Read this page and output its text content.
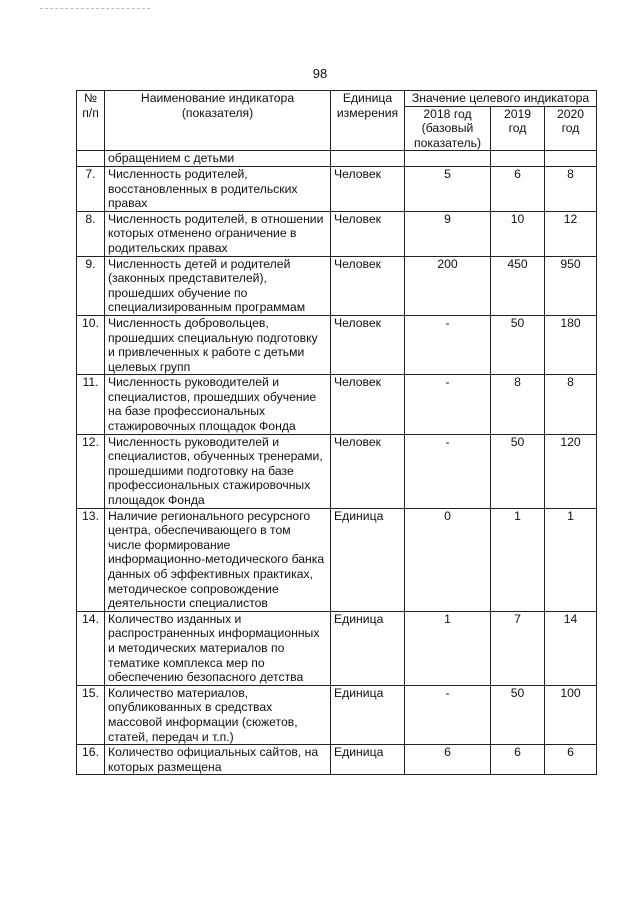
98
№ п/п	Наименование индикатора (показателя)	Единица измерения	Значение целевого индикатора		
			2018 год (базовый показатель)	2019 год	2020 год
	обращением с детьми				
7.	Численность родителей, восстановленных в родительских правах	Человек	5	6	8
8.	Численность родителей, в отношении которых отменено ограничение в родительских правах	Человек	9	10	12
9.	Численность детей и родителей (законных представителей), прошедших обучение по специализированным программам	Человек	200	450	950
10.	Численность добровольцев, прошедших специальную подготовку и привлеченных к работе с детьми целевых групп	Человек	-	50	180
11.	Численность руководителей и специалистов, прошедших обучение на базе профессиональных стажировочных площадок Фонда	Человек	-	8	8
12.	Численность руководителей и специалистов, обученных тренерами, прошедшими подготовку на базе профессиональных стажировочных площадок Фонда	Человек	-	50	120
13.	Наличие регионального ресурсного центра, обеспечивающего в том числе формирование информационно-методического банка данных об эффективных практиках, методическое сопровождение деятельности специалистов	Единица	0	1	1
14.	Количество изданных и распространенных информационных и методических материалов по тематике комплекса мер по обеспечению безопасного детства	Единица	1	7	14
15.	Количество материалов, опубликованных в средствах массовой информации (сюжетов, статей, передач и т.п.)	Единица	-	50	100
16.	Количество официальных сайтов, на которых размещена	Единица	6	6	6
